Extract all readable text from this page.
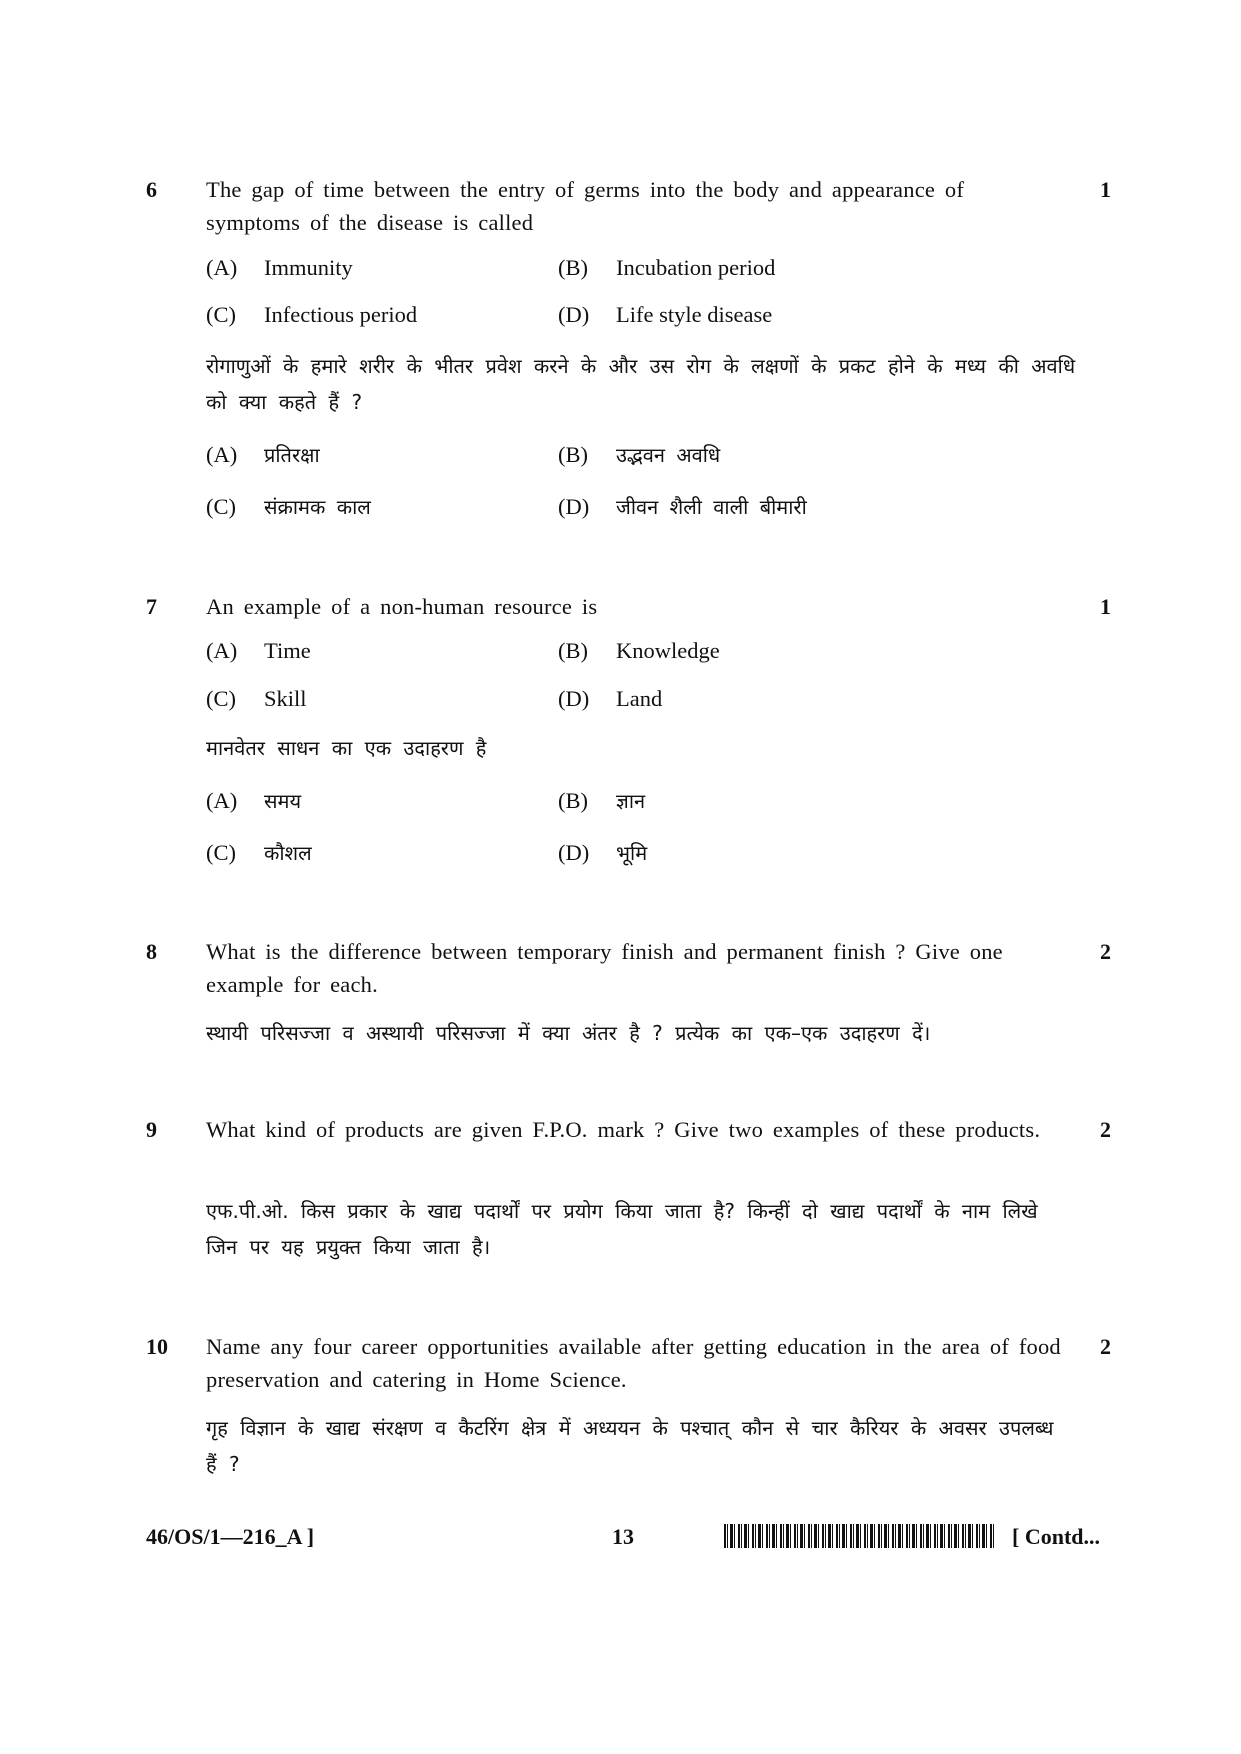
6 The gap of time between the entry of germs into the body and appearance of symptoms of the disease is called
1
(A) Immunity	(B) Incubation period
(C) Infectious period	(D) Life style disease
रोगाणुओं के हमारे शरीर के भीतर प्रवेश करने के और उस रोग के लक्षणों के प्रकट होने के मध्य की अवधि को क्या कहते हैं ?
(A) प्रतिरक्षा	(B) उद्भवन अवधि
(C) संक्रामक काल	(D) जीवन शैली वाली बीमारी
7 An example of a non-human resource is	1
(A) Time	(B) Knowledge
(C) Skill	(D) Land
मानवेतर साधन का एक उदाहरण है
(A) समय	(B) ज्ञान
(C) कौशल	(D) भूमि
8 What is the difference between temporary finish and permanent finish ? Give one example for each.
2
स्थायी परिसज्जा व अस्थायी परिसज्जा में क्या अंतर है ? प्रत्येक का एक–एक उदाहरण दें।
9 What kind of products are given F.P.O. mark ? Give two examples of these products.	2
एफ.पी.ओ. किस प्रकार के खाद्य पदार्थों पर प्रयोग किया जाता है? किन्हीं दो खाद्य पदार्थों के नाम लिखे जिन पर यह प्रयुक्त किया जाता है।
10 Name any four career opportunities available after getting education in the area of food preservation and catering in Home Science.
2
गृह विज्ञान के खाद्य संरक्षण व कैटरिंग क्षेत्र में अध्ययन के पश्चात् कौन से चार कैरियर के अवसर उपलब्ध हैं ?
46/OS/1—216_A ]	13	[ Contd...
